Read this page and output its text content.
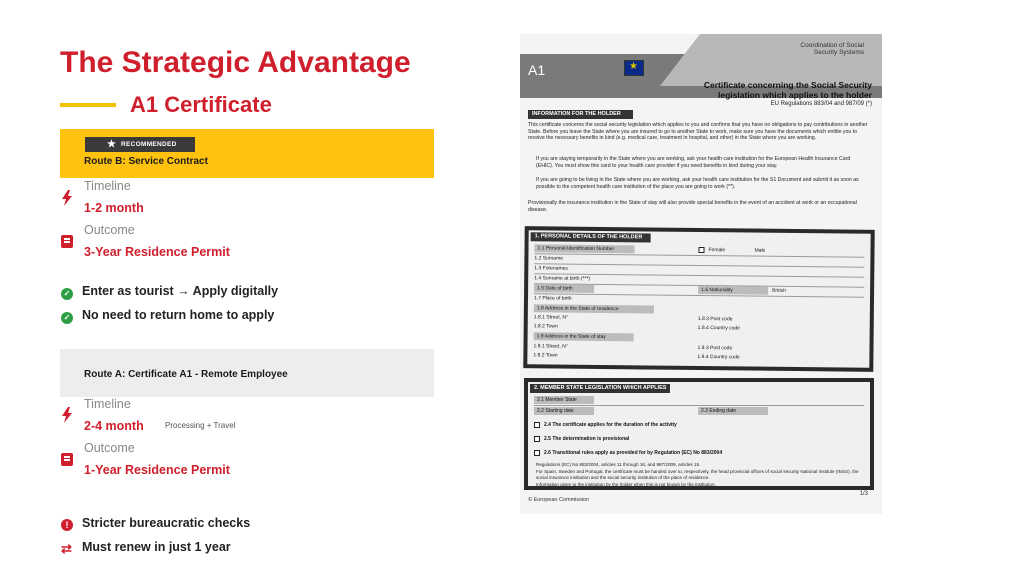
The Strategic Advantage
A1 Certificate
★ RECOMMENDED
Route B: Service Contract
Timeline
1-2 month
Outcome
3-Year Residence Permit
✓ Enter as tourist → Apply digitally
✓ No need to return home to apply
Route A: Certificate A1 - Remote Employee
Timeline
2-4 month	Processing + Travel
Outcome
1-Year Residence Permit
!	Stricter bureaucratic checks
⇄ Must renew in just 1 year
Coordination of Social Security Systems
A1
★
Certificate concerning the Social Security legislation which applies to the holder
EU Regulations 883/04 and 987/09 (*)
INFORMATION FOR THE HOLDER
This certificate concerns the social security legislation which applies to you and confirms that you have no obligations to pay contributions in another State. Before you leave the State where you are insured to go to another State to work, make sure you have the documents which entitle you to receive the necessary benefits in kind (e.g. medical care, treatment in hospital, and other) in the State where you are working.
If you are staying temporarily in the State where you are working, ask your health care institution for the European Health Insurance Card (EHIC). You must show this card to your health care provider if you need benefits in kind during your stay.
If you are going to be living in the State where you are working, ask your health care institution for the S1 Document and submit it as soon as possible to the competent health care institution of the place you are going to work (**).
Provisionally the insurance institution in the State of stay will also provide special benefits in the event of an accident at work or an occupational disease.
1. PERSONAL DETAILS OF THE HOLDER
1.1 Personal Identification Number	Female	Male
1.2 Surname
1.3 Forenames
1.4 Surname at birth (***)
1.5 Date of birth	1.6 Nationality	British
1.7 Place of birth
1.8 Address in the State of residence
1.8.1 Street, N°	1.8.3 Post code
1.8.2 Town	1.8.4 Country code
1.9 Address in the State of stay
1.9.1 Street, N°	1.9.3 Post code
1.9.2 Town	1.9.4 Country code
2. MEMBER STATE LEGISLATION WHICH APPLIES
2.1 Member State
2.2 Starting date	2.3 Ending date
2.4 The certificate applies for the duration of the activity
2.5 The determination is provisional
2.6 Transitional rules apply as provided for by Regulation (EC) No 883/2004
Regulations (EC) No 883/2004, articles 11 through 16, and 987/2009, articles 15.
For Spain, Sweden and Portugal, the certificate must be handed over to, respectively, the head provincial offices of social security National Institute (INSS), the social insurance institution and the social security institution of the place of residence.
Information given to the institution by the holder when this is not known by the institution.
© European Commission
1/3
